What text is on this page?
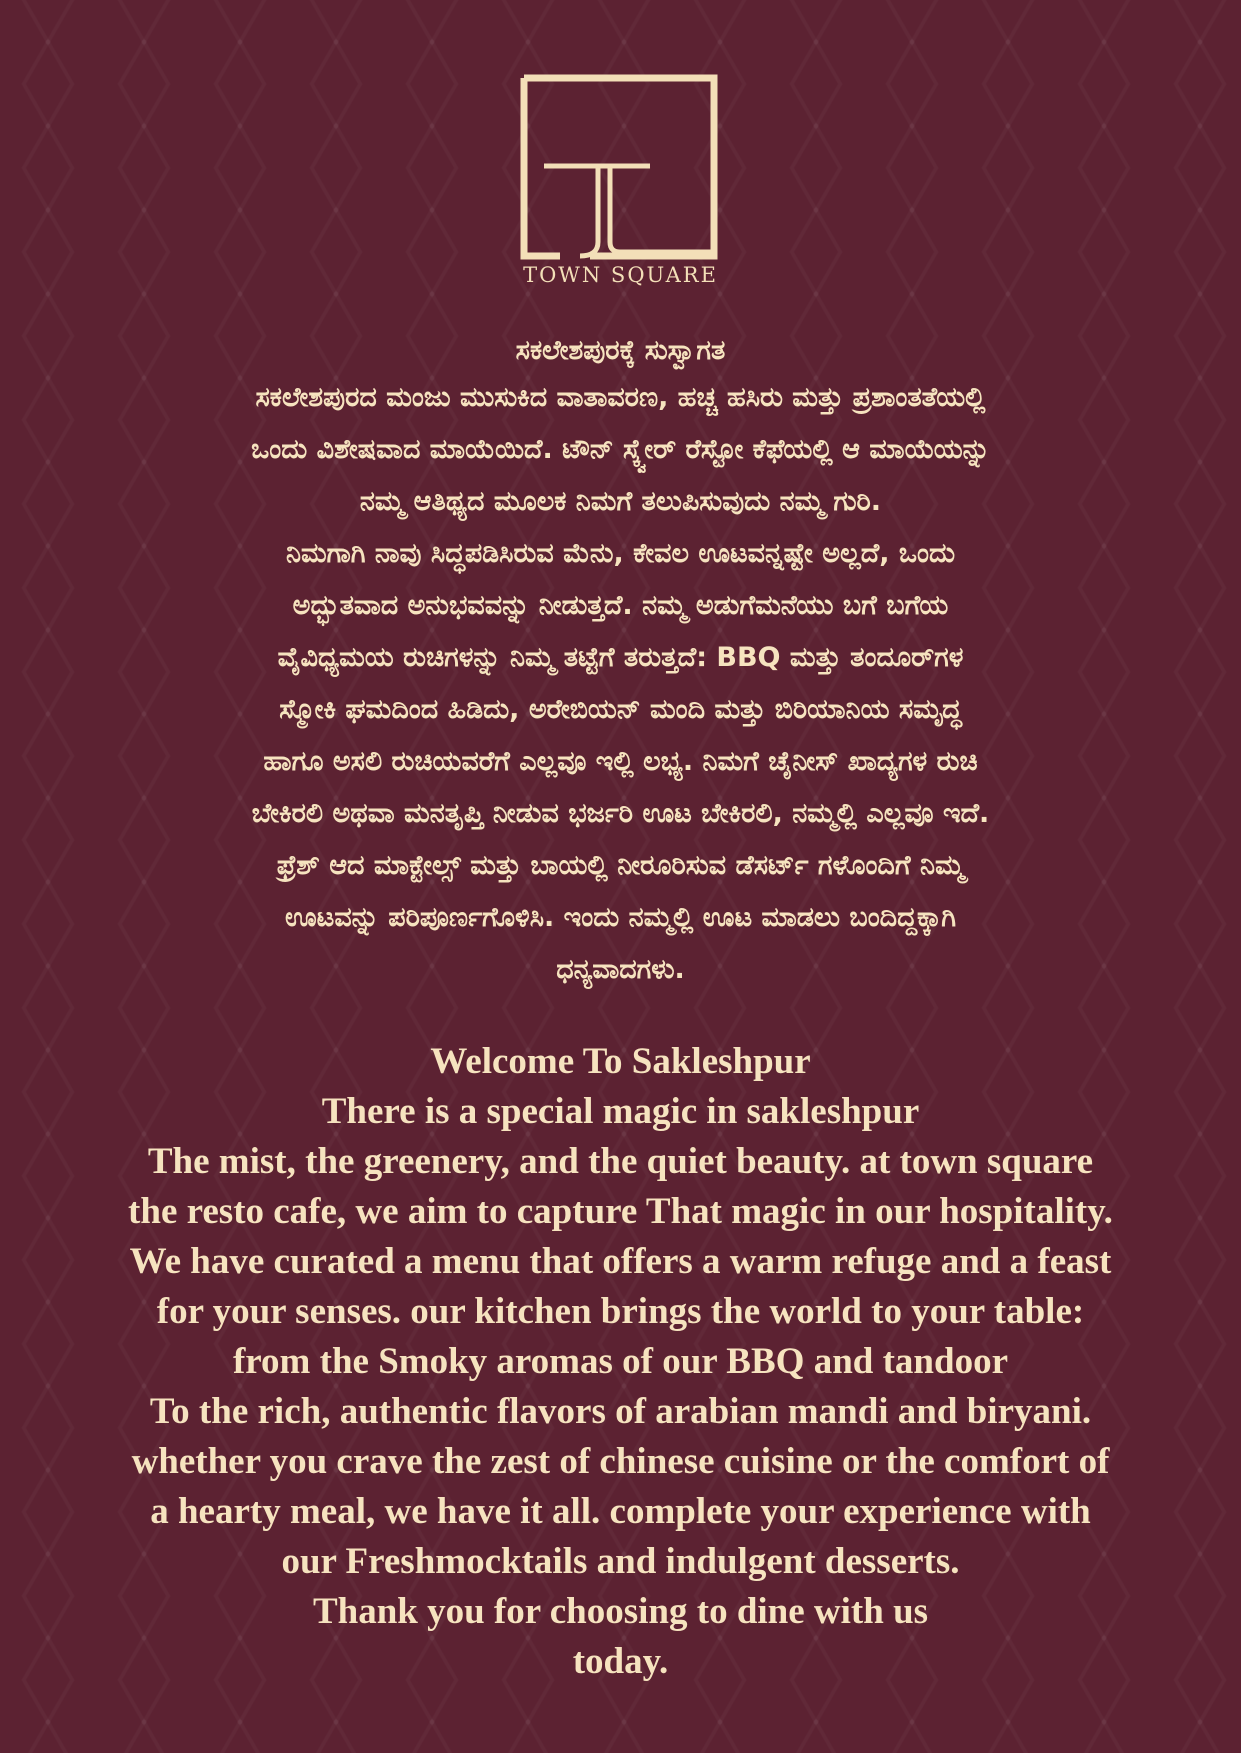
TOWN SQUARE
ಸಕಲೇಶಪುರಕ್ಕೆ ಸುಸ್ವಾಗತ
ಸಕಲೇಶಪುರದ ಮಂಜು ಮುಸುಕಿದ ವಾತಾವರಣ, ಹಚ್ಚ ಹಸಿರು ಮತ್ತು ಪ್ರಶಾಂತತೆಯಲ್ಲಿ
ಒಂದು ವಿಶೇಷವಾದ ಮಾಯೆಯಿದೆ. ಟೌನ್ ಸ್ಕ್ವೇರ್ ರೆಸ್ಟೋ ಕೆಫೆಯಲ್ಲಿ ಆ ಮಾಯೆಯನ್ನು
ನಮ್ಮ ಆತಿಥ್ಯದ ಮೂಲಕ ನಿಮಗೆ ತಲುಪಿಸುವುದು ನಮ್ಮ ಗುರಿ.
ನಿಮಗಾಗಿ ನಾವು ಸಿದ್ಧಪಡಿಸಿರುವ ಮೆನು, ಕೇವಲ ಊಟವನ್ನಷ್ಟೇ ಅಲ್ಲದೆ, ಒಂದು
ಅದ್ಭುತವಾದ ಅನುಭವವನ್ನು ನೀಡುತ್ತದೆ. ನಮ್ಮ ಅಡುಗೆಮನೆಯು ಬಗೆ ಬಗೆಯ
ವೈವಿಧ್ಯಮಯ ರುಚಿಗಳನ್ನು ನಿಮ್ಮ ತಟ್ಟೆಗೆ ತರುತ್ತದೆ: BBQ ಮತ್ತು ತಂದೂರ್‌ಗಳ
ಸ್ಮೋಕಿ ಘಮದಿಂದ ಹಿಡಿದು, ಅರೇಬಿಯನ್ ಮಂದಿ ಮತ್ತು ಬಿರಿಯಾನಿಯ ಸಮೃದ್ಧ
ಹಾಗೂ ಅಸಲಿ ರುಚಿಯವರೆಗೆ ಎಲ್ಲವೂ ಇಲ್ಲಿ ಲಭ್ಯ. ನಿಮಗೆ ಚೈನೀಸ್ ಖಾದ್ಯಗಳ ರುಚಿ
ಬೇಕಿರಲಿ ಅಥವಾ ಮನತೃಪ್ತಿ ನೀಡುವ ಭರ್ಜರಿ ಊಟ ಬೇಕಿರಲಿ, ನಮ್ಮಲ್ಲಿ ಎಲ್ಲವೂ ಇದೆ.
ಫ್ರೆಶ್ ಆದ ಮಾಕ್ಟೇಲ್ಸ್ ಮತ್ತು ಬಾಯಲ್ಲಿ ನೀರೂರಿಸುವ ಡೆಸರ್ಟ್ ಗಳೊಂದಿಗೆ ನಿಮ್ಮ
ಊಟವನ್ನು ಪರಿಪೂರ್ಣಗೊಳಿಸಿ. ಇಂದು ನಮ್ಮಲ್ಲಿ ಊಟ ಮಾಡಲು ಬಂದಿದ್ದಕ್ಕಾಗಿ
ಧನ್ಯವಾದಗಳು.
Welcome To Sakleshpur
There is a special magic in sakleshpur
The mist, the greenery, and the quiet beauty. at town square
the resto cafe, we aim to capture That magic in our hospitality.
We have curated a menu that offers a warm refuge and a feast
for your senses. our kitchen brings the world to your table:
from the Smoky aromas of our BBQ and tandoor
To the rich, authentic flavors of arabian mandi and biryani.
whether you crave the zest of chinese cuisine or the comfort of
a hearty meal, we have it all. complete your experience with
our Freshmocktails and indulgent desserts.
Thank you for choosing to dine with us
today.
